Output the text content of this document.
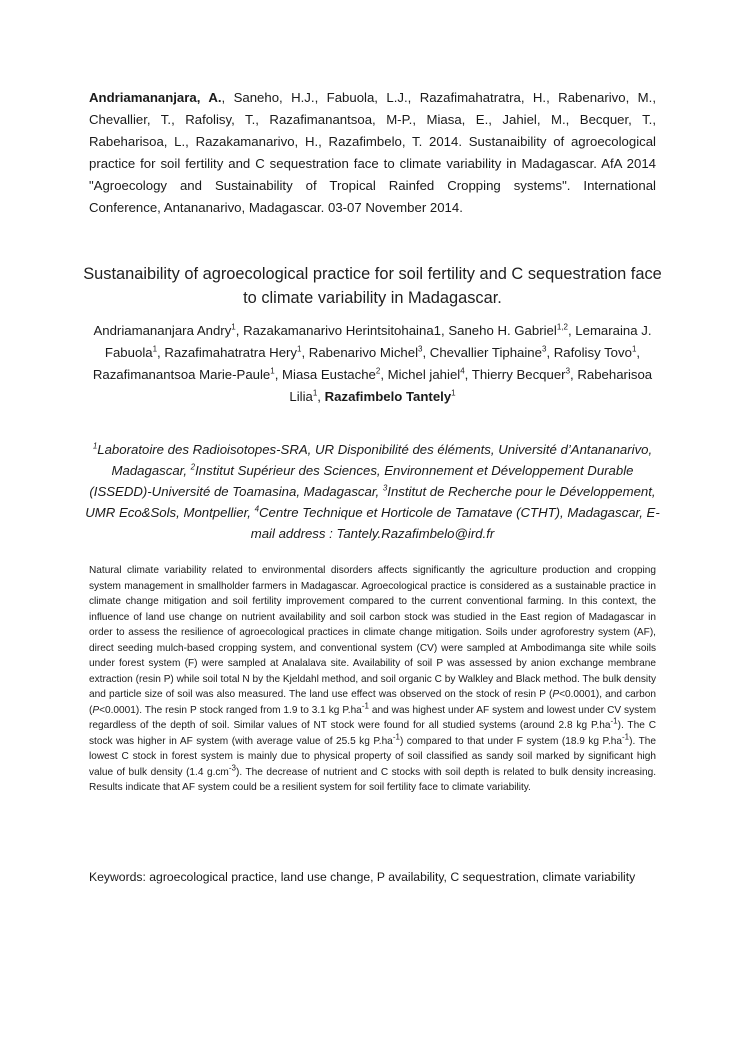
Andriamananjara, A., Saneho, H.J., Fabuola, L.J., Razafimahatratra, H., Rabenarivo, M., Chevallier, T., Rafolisy, T., Razafimanantsoa, M-P., Miasa, E., Jahiel, M., Becquer, T., Rabeharisoa, L., Razakamanarivo, H., Razafimbelo, T. 2014. Sustanaibility of agroecological practice for soil fertility and C sequestration face to climate variability in Madagascar. AfA 2014 "Agroecology and Sustainability of Tropical Rainfed Cropping systems". International Conference, Antananarivo, Madagascar. 03-07 November 2014.

Sustanaibility of agroecological practice for soil fertility and C sequestration face to climate variability in Madagascar.

Andriamananjara Andry$^1$, Razakamanarivo Herintsitohaina1, Saneho H. Gabriel$^{1,2}$, Lemaraina J. Fabuola$^1$, Razafimahatratra Hery$^1$, Rabenarivo Michel$^3$, Chevallier Tiphaine$^3$, Rafolisy Tovo$^1$, Razafimanantsoa Marie-Paule$^1$, Miasa Eustache$^2$, Michel jahiel$^4$, Thierry Becquer$^3$, Rabeharisoa Lilia$^1$, Razafimbelo Tantely$^1$

$^1$Laboratoire des Radioisotopes-SRA, UR Disponibilité des éléments, Université d’Antananarivo, Madagascar, $^2$Institut Supérieur des Sciences, Environnement et Développement Durable (ISSEDD)-Université de Toamasina, Madagascar, $^3$Institut de Recherche pour le Développement, UMR Eco&Sols, Montpellier, $^4$Centre Technique et Horticole de Tamatave (CTHT), Madagascar, E-mail address : Tantely.Razafimbelo@ird.fr

Natural climate variability related to environmental disorders affects significantly the agriculture production and cropping system management in smallholder farmers in Madagascar. Agroecological practice is considered as a sustainable practice in climate change mitigation and soil fertility improvement compared to the current conventional farming. In this context, the influence of land use change on nutrient availability and soil carbon stock was studied in the East region of Madagascar in order to assess the resilience of agroecological practices in climate change mitigation. Soils under agroforestry system (AF), direct seeding mulch-based cropping system, and conventional system (CV) were sampled at Ambodimanga site while soils under forest system (F) were sampled at Analalava site. Availability of soil P was assessed by anion exchange membrane extraction (resin P) while soil total N by the Kjeldahl method, and soil organic C by Walkley and Black method. The bulk density and particle size of soil was also measured. The land use effect was observed on the stock of resin P (P<0.0001), and carbon (P<0.0001). The resin P stock ranged from 1.9 to 3.1 kg $P.ha^{-1}$ and was highest under AF system and lowest under CV system regardless of the depth of soil. Similar values of NT stock were found for all studied systems (around 2.8 kg $P.ha^{-1}$). The C stock was higher in AF system (with average value of 25.5 kg $P.ha^{-1}$) compared to that under F system (18.9 kg $P.ha^{-1}$). The lowest C stock in forest system is mainly due to physical property of soil classified as sandy soil marked by significant high value of bulk density (1.4 $g.cm^{-3}$). The decrease of nutrient and C stocks with soil depth is related to bulk density increasing. Results indicate that AF system could be a resilient system for soil fertility face to climate variability.

Keywords: agroecological practice, land use change, P availability, C sequestration, climate variability
